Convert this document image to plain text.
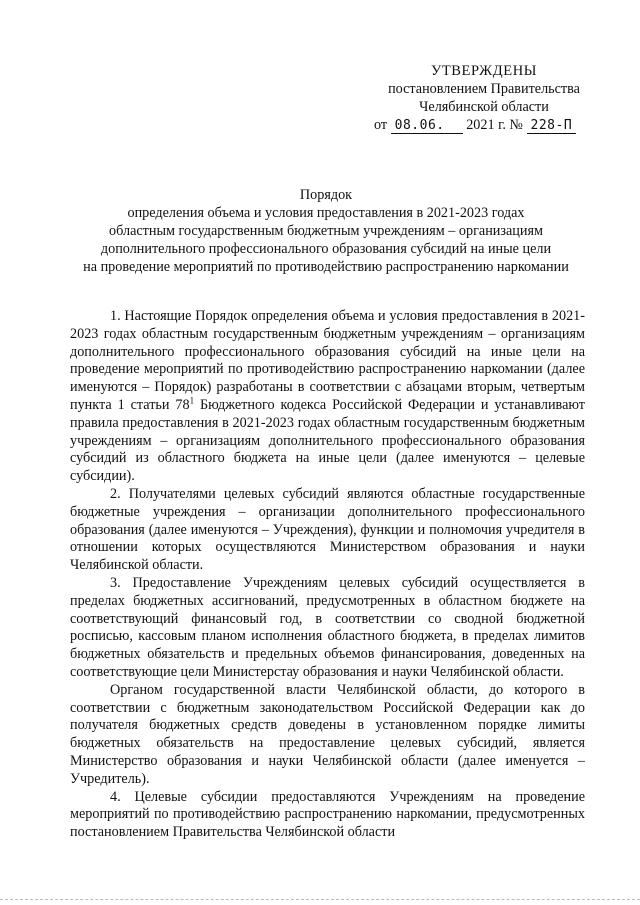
УТВЕРЖДЕНЫ
постановлением Правительства
Челябинской области
от 08.06. 2021 г. № 228-П
Порядок
определения объема и условия предоставления в 2021-2023 годах
областным государственным бюджетным учреждениям – организациям
дополнительного профессионального образования субсидий на иные цели
на проведение мероприятий по противодействию распространению наркомании

1. Настоящие Порядок определения объема и условия предоставления в 2021-2023 годах областным государственным бюджетным учреждениям – организациям дополнительного профессионального образования субсидий на иные цели на проведение мероприятий по противодействию распространению наркомании (далее именуются – Порядок) разработаны в соответствии с абзацами вторым, четвертым пункта 1 статьи $78^1$ Бюджетного кодекса Российской Федерации и устанавливают правила предоставления в 2021-2023 годах областным государственным бюджетным учреждениям – организациям дополнительного профессионального образования субсидий из областного бюджета на иные цели (далее именуются – целевые субсидии).

2. Получателями целевых субсидий являются областные государственные бюджетные учреждения – организации дополнительного профессионального образования (далее именуются – Учреждения), функции и полномочия учредителя в отношении которых осуществляются Министерством образования и науки Челябинской области.

3. Предоставление Учреждениям целевых субсидий осуществляется в пределах бюджетных ассигнований, предусмотренных в областном бюджете на соответствующий финансовый год, в соответствии со сводной бюджетной росписью, кассовым планом исполнения областного бюджета, в пределах лимитов бюджетных обязательств и предельных объемов финансирования, доведенных на соответствующие цели Министерстау образования и науки Челябинской области.

Органом государственной власти Челябинской области, до которого в соответствии с бюджетным законодательством Российской Федерации как до получателя бюджетных средств доведены в установленном порядке лимиты бюджетных обязательств на предоставление целевых субсидий, является Министерство образования и науки Челябинской области (далее именуется – Учредитель).

4. Целевые субсидии предоставляются Учреждениям на проведение мероприятий по противодействию распространению наркомании, предусмотренных постановлением Правительства Челябинской области
